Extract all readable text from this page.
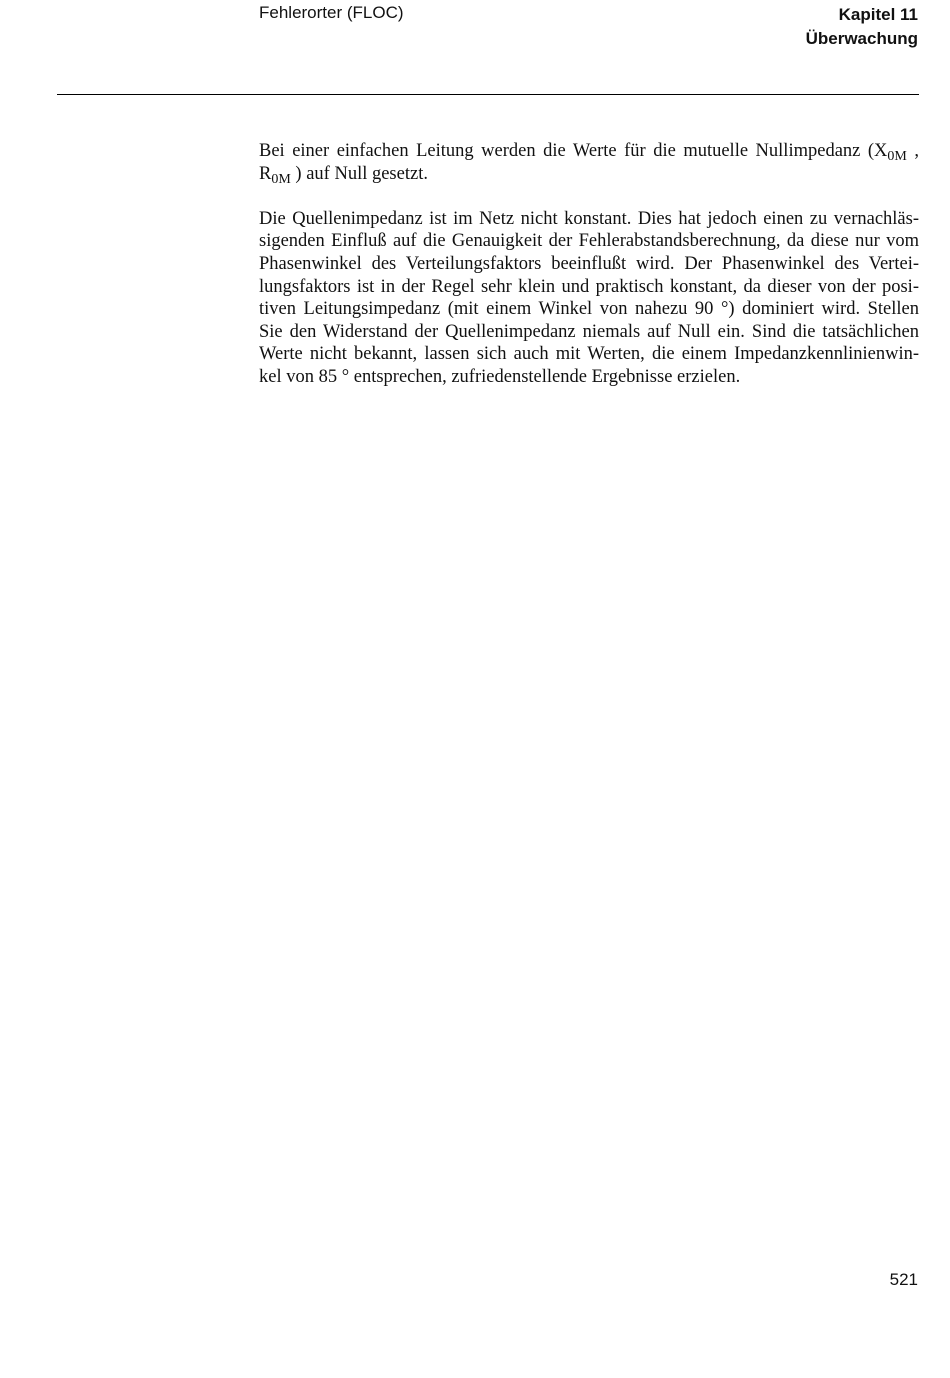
Fehlerorter (FLOC)	Kapitel 11
Überwachung

Bei einer einfachen Leitung werden die Werte für die mutuelle Nullimpedanz ($X_{0M}$ ,
$R_{0M}$ ) auf Null gesetzt.

Die Quellenimpedanz ist im Netz nicht konstant. Dies hat jedoch einen zu vernachläs-
sigenden Einfluß auf die Genauigkeit der Fehlerabstandsberechnung, da diese nur vom
Phasenwinkel des Verteilungsfaktors beeinflußt wird. Der Phasenwinkel des Vertei-
lungsfaktors ist in der Regel sehr klein und praktisch konstant, da dieser von der posi-
tiven Leitungsimpedanz (mit einem Winkel von nahezu 90 °) dominiert wird. Stellen
Sie den Widerstand der Quellenimpedanz niemals auf Null ein. Sind die tatsächlichen
Werte nicht bekannt, lassen sich auch mit Werten, die einem Impedanzkennlinienwin-
kel von 85 ° entsprechen, zufriedenstellende Ergebnisse erzielen.

521
